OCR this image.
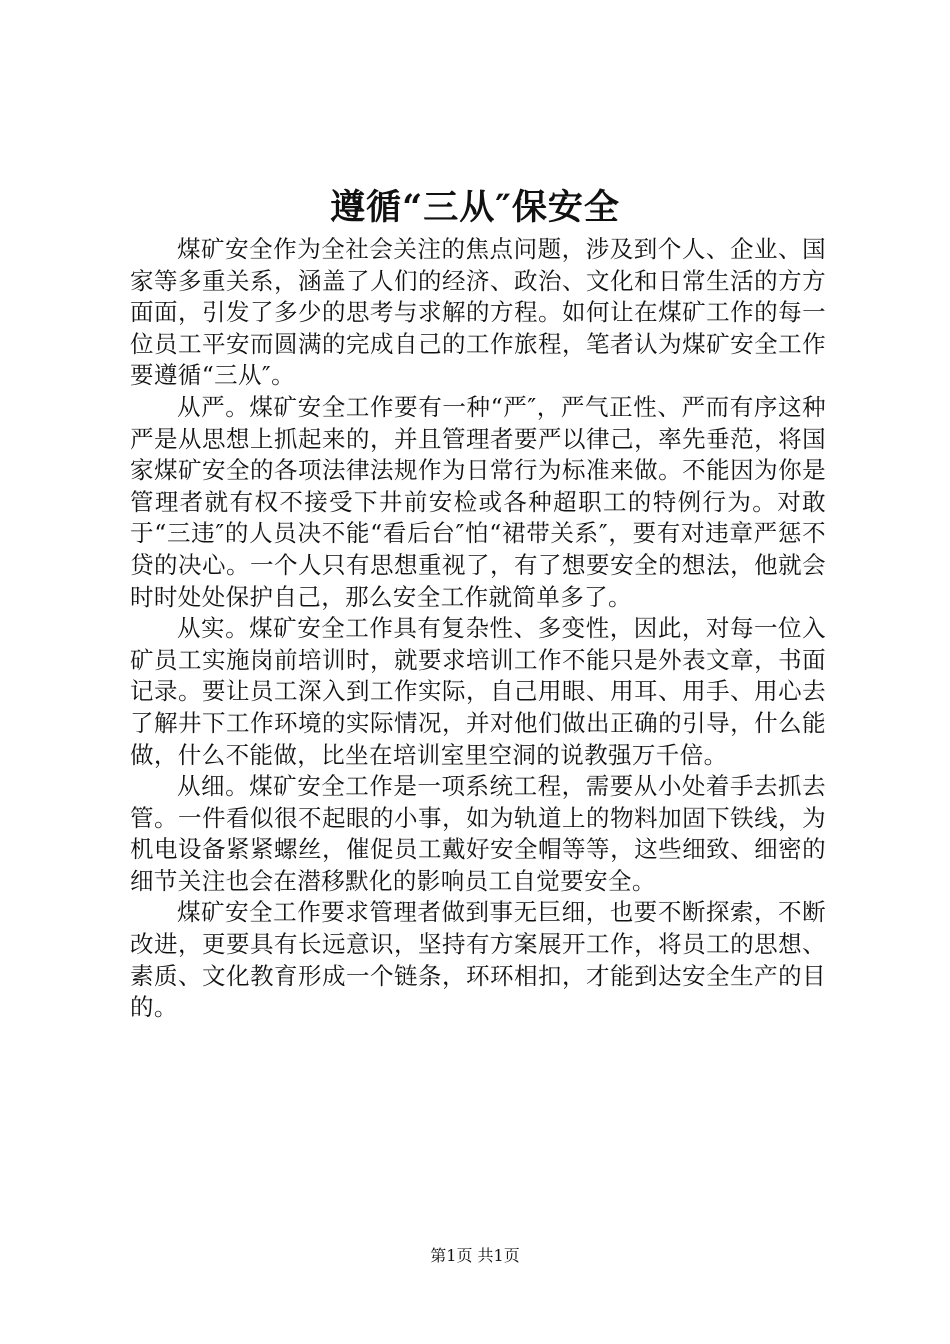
遵循“三从″保安全

煤矿安全作为全社会关注的焦点问题，涉及到个人、企业、国家等多重关系，涵盖了人们的经济、政治、文化和日常生活的方方面面，引发了多少的思考与求解的方程。如何让在煤矿工作的每一位员工平安而圆满的完成自己的工作旅程，笔者认为煤矿安全工作要遵循“三从″。

从严。煤矿安全工作要有一种“严″，严气正性、严而有序这种严是从思想上抓起来的，并且管理者要严以律己，率先垂范，将国家煤矿安全的各项法律法规作为日常行为标准来做。不能因为你是管理者就有权不接受下井前安检或各种超职工的特例行为。对敢于“三违″的人员决不能“看后台″怕“裙带关系″，要有对违章严惩不贷的决心。一个人只有思想重视了，有了想要安全的想法，他就会时时处处保护自己，那么安全工作就简单多了。

从实。煤矿安全工作具有复杂性、多变性，因此，对每一位入矿员工实施岗前培训时，就要求培训工作不能只是外表文章，书面记录。要让员工深入到工作实际，自己用眼、用耳、用手、用心去了解井下工作环境的实际情况，并对他们做出正确的引导，什么能做，什么不能做，比坐在培训室里空洞的说教强万千倍。

从细。煤矿安全工作是一项系统工程，需要从小处着手去抓去管。一件看似很不起眼的小事，如为轨道上的物料加固下铁线，为机电设备紧紧螺丝，催促员工戴好安全帽等等，这些细致、细密的细节关注也会在潜移默化的影响员工自觉要安全。

煤矿安全工作要求管理者做到事无巨细，也要不断探索，不断改进，更要具有长远意识，坚持有方案展开工作，将员工的思想、素质、文化教育形成一个链条，环环相扣，才能到达安全生产的目的。

第1页 共1页
